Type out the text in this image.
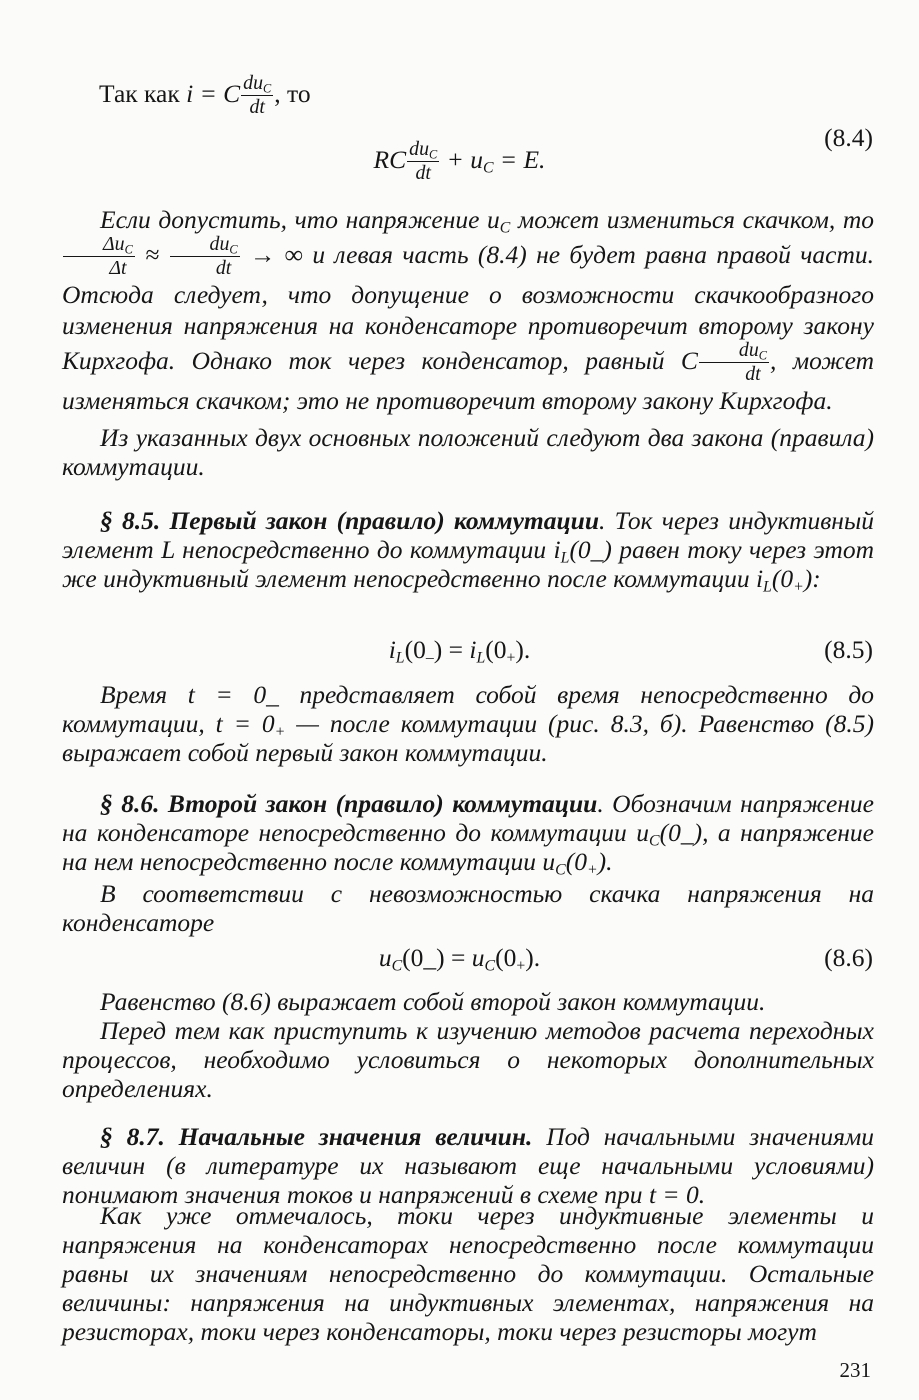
Так как i = C $\frac{du_C}{dt}$ , то
RC $\frac{du_C}{dt} + u_C = E$.
(8.4)
Если допустить, что напряжение $u_C$ может измениться скачком, то
$\frac{\Delta u_C}{\Delta t} \approx \frac{du_C}{dt}$ → ∞ и левая часть (8.4) не будет равна правой части. Отсюда следует, что допущение о возможности скачкообразного изменения напряжения на конденсаторе противоречит второму закону Кирхгофа. Однако ток через конденсатор, равный C $\frac{du_C}{dt}$ , может изменяться скачком; это не противоречит второму закону Кирхгофа.
Из указанных двух основных положений следуют два закона (правила) коммутации.
§ 8.5. Первый закон (правило) коммутации. Ток через индуктивный элемент L непосредственно до коммутации $i_L(0\_)$ равен току через этот же индуктивный элемент непосредственно после коммутации $i_L(0_+)$:
$i_L(0_-) = i_L(0_+)$.	(8.5)
Время t = 0_ представляет собой время непосредственно до коммутации, $t = 0_+$ — после коммутации (рис. 8.3, б). Равенство (8.5) выражает собой первый закон коммутации.
§ 8.6. Второй закон (правило) коммутации. Обозначим напряжение на конденсаторе непосредственно до коммутации $u_C(0\_)$, а напряжение на нем непосредственно после коммутации $u_C(0_+)$.
В соответствии с невозможностью скачка напряжения на конденсаторе
$u_C(0\_) = u_C(0_+)$.	(8.6)
Равенство (8.6) выражает собой второй закон коммутации.
Перед тем как приступить к изучению методов расчета переходных процессов, необходимо условиться о некоторых дополнительных определениях.
§ 8.7. Начальные значения величин. Под начальными значениями величин (в литературе их называют еще начальными условиями) понимают значения токов и напряжений в схеме при t = 0.
Как уже отмечалось, токи через индуктивные элементы и напряжения на конденсаторах непосредственно после коммутации равны их значениям непосредственно до коммутации. Остальные величины: напряжения на индуктивных элементах, напряжения на резисторах, токи через конденсаторы, токи через резисторы могут
231
